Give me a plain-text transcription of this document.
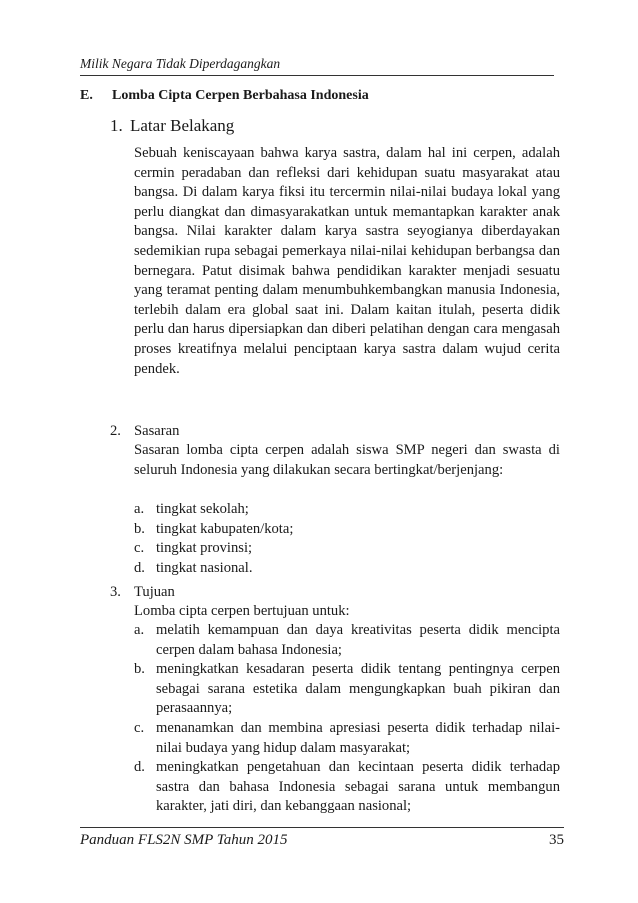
Milik Negara Tidak Diperdagangkan
E. Lomba Cipta Cerpen Berbahasa Indonesia
1. Latar Belakang
Sebuah keniscayaan bahwa karya sastra, dalam hal ini cerpen, adalah cermin peradaban dan refleksi dari kehidupan suatu masyarakat atau bangsa. Di dalam karya fiksi itu tercermin nilai-nilai budaya lokal yang perlu diangkat dan dimasyarakatkan untuk memantapkan karakter anak bangsa. Nilai karakter dalam karya sastra seyogianya diberdayakan sedemikian rupa sebagai pemerkaya nilai-nilai kehidupan berbangsa dan bernegara. Patut disimak bahwa pendidikan karakter menjadi sesuatu yang teramat penting dalam menumbuhkembangkan manusia Indonesia, terlebih dalam era global saat ini. Dalam kaitan itulah, peserta didik perlu dan harus dipersiapkan dan diberi pelatihan dengan cara mengasah proses kreatifnya melalui penciptaan karya sastra dalam wujud cerita pendek.
2. Sasaran
Sasaran lomba cipta cerpen adalah siswa SMP negeri dan swasta di seluruh Indonesia yang dilakukan secara bertingkat/berjenjang:
a. tingkat sekolah;
b. tingkat kabupaten/kota;
c. tingkat provinsi;
d. tingkat nasional.
3. Tujuan
Lomba cipta cerpen bertujuan untuk:
a. melatih kemampuan dan daya kreativitas peserta didik mencipta cerpen dalam bahasa Indonesia;
b. meningkatkan kesadaran peserta didik tentang pentingnya cerpen sebagai sarana estetika dalam mengungkapkan buah pikiran dan perasaannya;
c. menanamkan dan membina apresiasi peserta didik terhadap nilai-nilai budaya yang hidup dalam masyarakat;
d. meningkatkan pengetahuan dan kecintaan peserta didik terhadap sastra dan bahasa Indonesia sebagai sarana untuk membangun karakter, jati diri, dan kebanggaan nasional;
Panduan FLS2N SMP Tahun 2015	35
